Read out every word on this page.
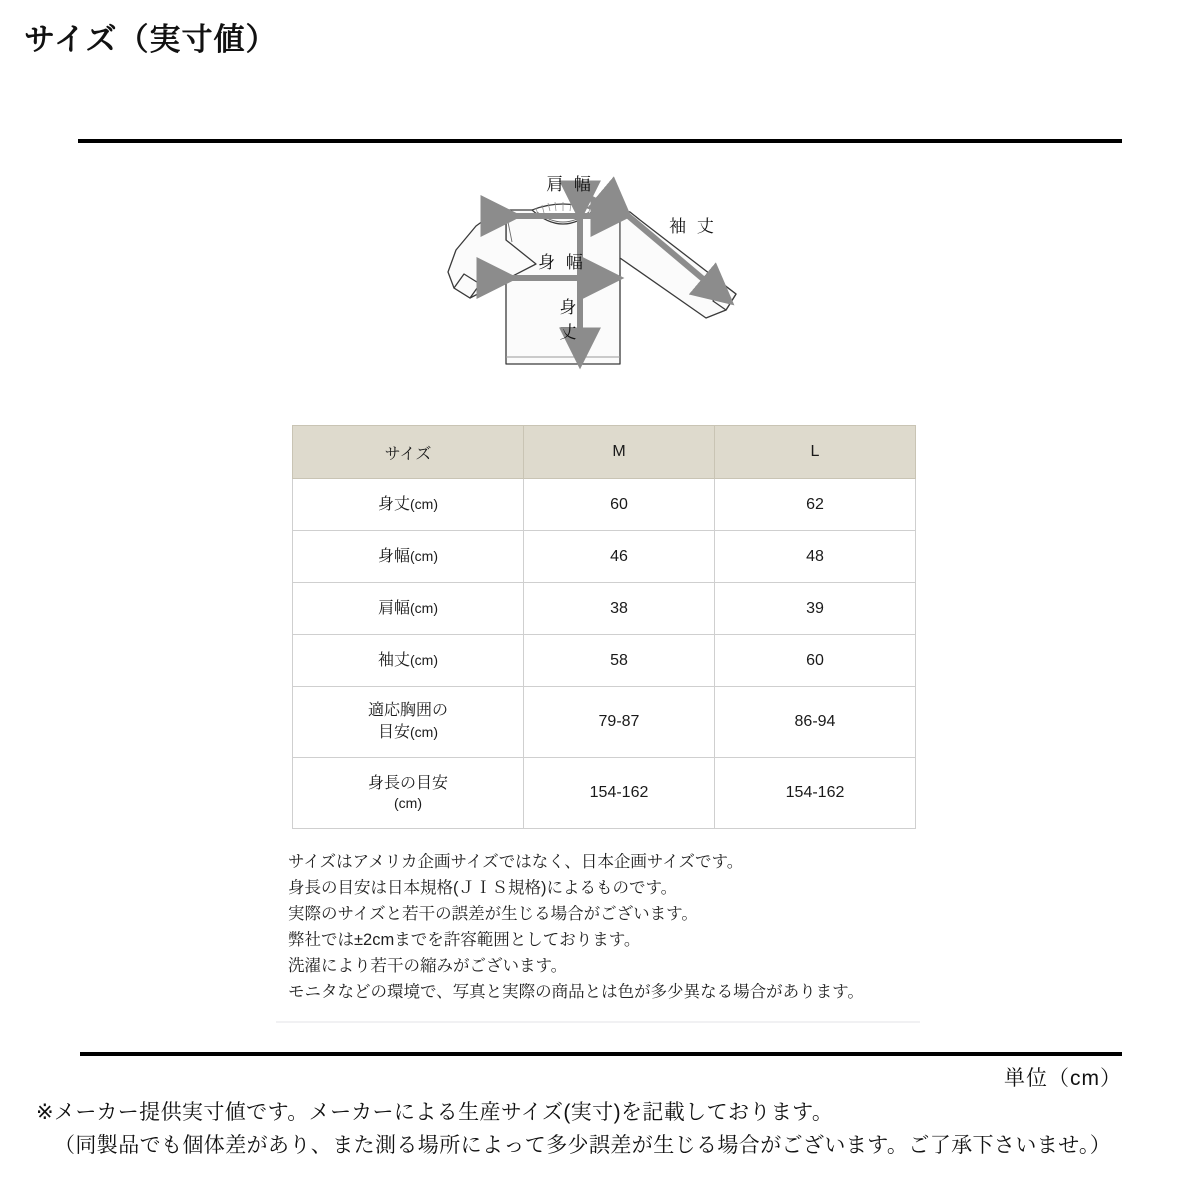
サイズ（実寸値）
肩 幅
身 幅
身
丈
袖 丈
サイズ	M	L
身丈(cm)	60	62
身幅(cm)	46	48
肩幅(cm)	38	39
袖丈(cm)	58	60

適応胸囲の
目安(cm)	79-87	86-94

身長の目安
(cm)	154-162	154-162
サイズはアメリカ企画サイズではなく、日本企画サイズです。
身長の目安は日本規格(ＪＩＳ規格)によるものです。
実際のサイズと若干の誤差が生じる場合がございます。
弊社では±2cmまでを許容範囲としております。
洗濯により若干の縮みがございます。
モニタなどの環境で、写真と実際の商品とは色が多少異なる場合があります。
単位（cm）
※メーカー提供実寸値です。メーカーによる生産サイズ(実寸)を記載しております。
（同製品でも個体差があり、また測る場所によって多少誤差が生じる場合がございます。ご了承下さいませ。）
